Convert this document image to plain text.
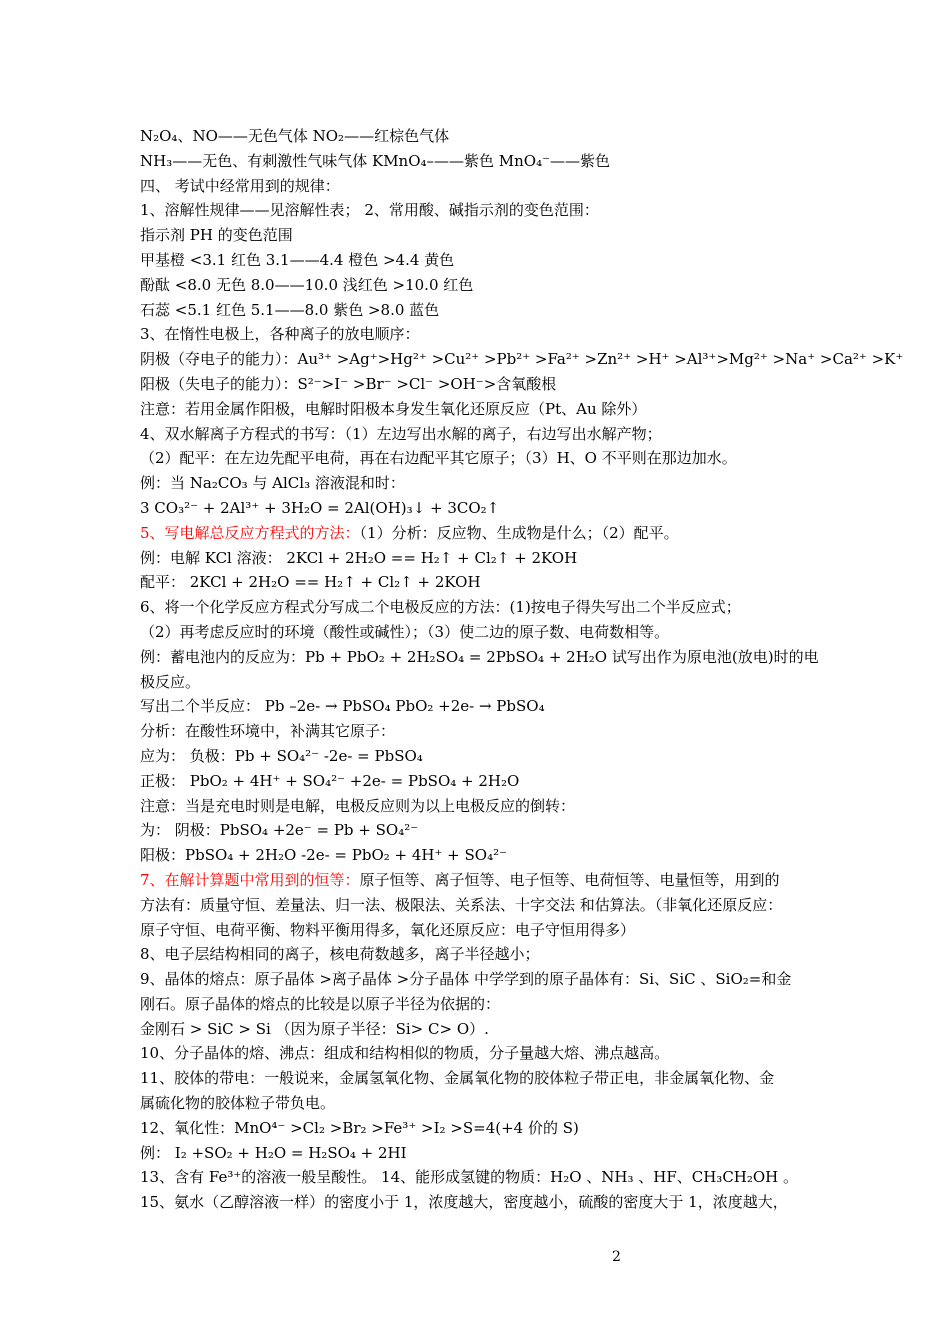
N₂O₄、NO——无色气体 NO₂——红棕色气体
NH₃——无色、有刺激性气味气体 KMnO₄–——紫色 MnO₄⁻——紫色
四、 考试中经常用到的规律：
1、溶解性规律——见溶解性表； 2、常用酸、碱指示剂的变色范围：
指示剂 PH 的变色范围
甲基橙 <3.1 红色 3.1——4.4 橙色 >4.4 黄色
酚酞 <8.0 无色 8.0——10.0 浅红色 >10.0 红色
石蕊 <5.1 红色 5.1——8.0 紫色 >8.0 蓝色
3、在惰性电极上，各种离子的放电顺序：
阴极（夺电子的能力）：Au³⁺ >Ag⁺>Hg²⁺ >Cu²⁺ >Pb²⁺ >Fa²⁺ >Zn²⁺ >H⁺ >Al³⁺>Mg²⁺ >Na⁺ >Ca²⁺ >K⁺
阳极（失电子的能力）：S²⁻>I⁻ >Br⁻ >Cl⁻ >OH⁻>含氧酸根
注意：若用金属作阳极，电解时阳极本身发生氧化还原反应（Pt、Au 除外）
4、双水解离子方程式的书写：（1）左边写出水解的离子，右边写出水解产物；
（2）配平：在左边先配平电荷，再在右边配平其它原子；（3）H、O 不平则在那边加水。
例：当 Na₂CO₃ 与 AlCl₃ 溶液混和时：
3 CO₃²⁻ + 2Al³⁺ + 3H₂O = 2Al(OH)₃↓ + 3CO₂↑
5、写电解总反应方程式的方法：（1）分析：反应物、生成物是什么；（2）配平。
例：电解 KCl 溶液： 2KCl + 2H₂O == H₂↑ + Cl₂↑ + 2KOH
配平： 2KCl + 2H₂O == H₂↑ + Cl₂↑ + 2KOH
6、将一个化学反应方程式分写成二个电极反应的方法：(1)按电子得失写出二个半反应式；
（2）再考虑反应时的环境（酸性或碱性）；（3）使二边的原子数、电荷数相等。
例：蓄电池内的反应为：Pb + PbO₂ + 2H₂SO₄ = 2PbSO₄ + 2H₂O 试写出作为原电池(放电)时的电
极反应。
写出二个半反应： Pb –2e- → PbSO₄ PbO₂ +2e- → PbSO₄
分析：在酸性环境中，补满其它原子：
应为： 负极：Pb + SO₄²⁻ -2e- = PbSO₄
正极： PbO₂ + 4H⁺ + SO₄²⁻ +2e- = PbSO₄ + 2H₂O
注意：当是充电时则是电解，电极反应则为以上电极反应的倒转：
为： 阴极：PbSO₄ +2e⁻ = Pb + SO₄²⁻
阳极：PbSO₄ + 2H₂O -2e- = PbO₂ + 4H⁺ + SO₄²⁻
7、在解计算题中常用到的恒等：原子恒等、离子恒等、电子恒等、电荷恒等、电量恒等，用到的
方法有：质量守恒、差量法、归一法、极限法、关系法、十字交法 和估算法。（非氧化还原反应：
原子守恒、电荷平衡、物料平衡用得多，氧化还原反应：电子守恒用得多）
8、电子层结构相同的离子，核电荷数越多，离子半径越小；
9、晶体的熔点：原子晶体 >离子晶体 >分子晶体 中学学到的原子晶体有：Si、SiC 、SiO₂=和金
刚石。原子晶体的熔点的比较是以原子半径为依据的：
金刚石 > SiC > Si （因为原子半径：Si> C> O）.
10、分子晶体的熔、沸点：组成和结构相似的物质，分子量越大熔、沸点越高。
11、胶体的带电：一般说来，金属氢氧化物、金属氧化物的胶体粒子带正电，非金属氧化物、金
属硫化物的胶体粒子带负电。
12、氧化性：MnO⁴⁻ >Cl₂ >Br₂ >Fe³⁺ >I₂ >S=4(+4 价的 S)
例： I₂ +SO₂ + H₂O = H₂SO₄ + 2HI
13、含有 Fe³⁺的溶液一般呈酸性。 14、能形成氢键的物质：H₂O 、NH₃ 、HF、CH₃CH₂OH 。
15、氨水（乙醇溶液一样）的密度小于 1，浓度越大，密度越小，硫酸的密度大于 1，浓度越大，
2
